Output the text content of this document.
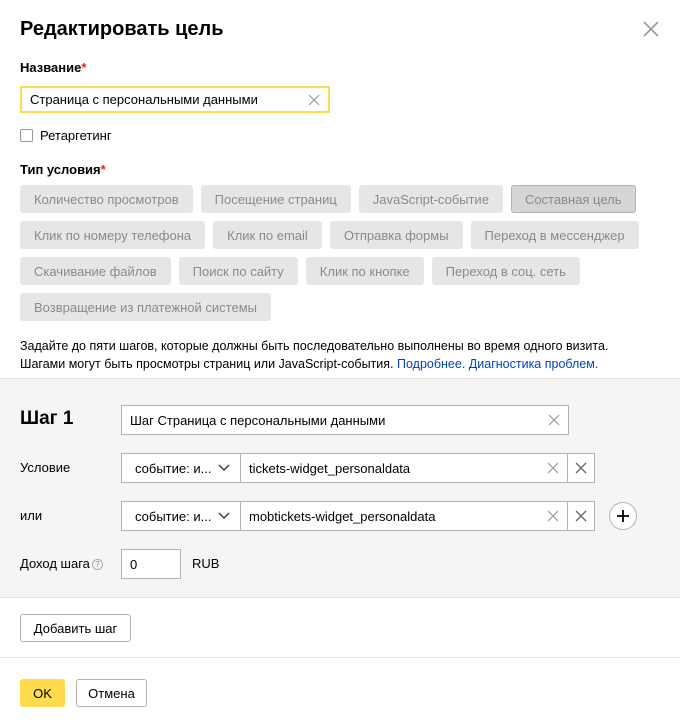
Редактировать цель
Название*
Страница с персональными данными
Ретаргетинг
Тип условия*
Количество просмотров	Посещение страниц	JavaScript-событие	Составная цель
Клик по номеру телефона	Клик по email	Отправка формы	Переход в мессенджер
Скачивание файлов	Поиск по сайту	Клик по кнопке	Переход в соц. сеть
Возвращение из платежной системы
Задайте до пяти шагов, которые должны быть последовательно выполнены во время одного визита.
Шагами могут быть просмотры страниц или JavaScript-события. Подробнее. Диагностика проблем.
Шаг 1	Шаг Страница с персональными данными
Условие	событие: и...	tickets-widget_personaldata
или	событие: и...	mobtickets-widget_personaldata
Доход шага ? 0	RUB
Добавить шаг
OK	Отмена
